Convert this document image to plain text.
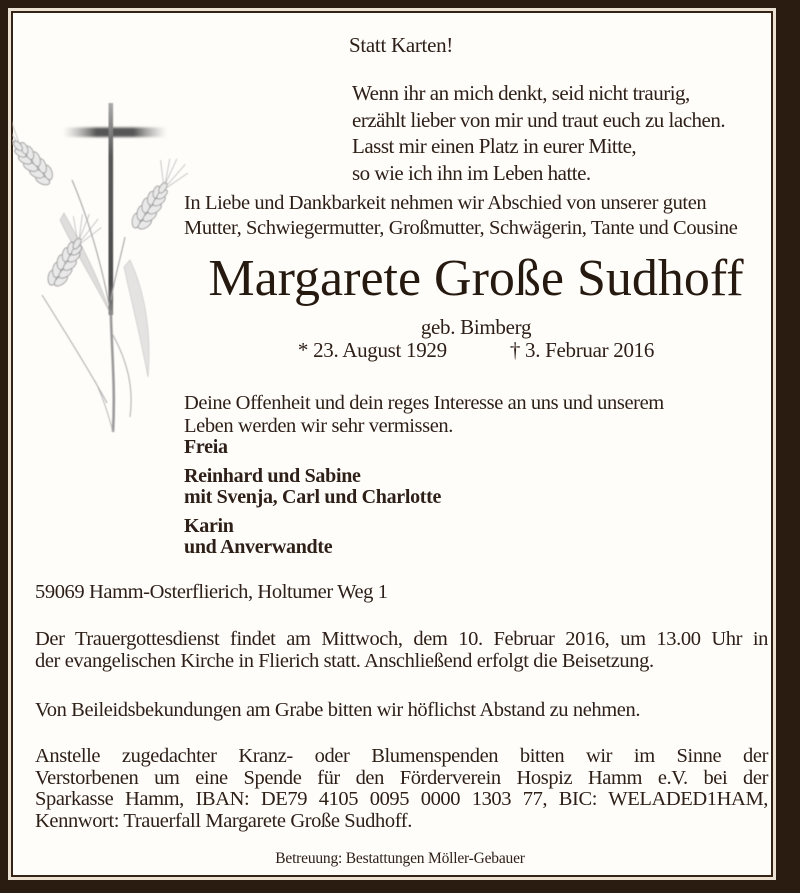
Statt Karten!
Wenn ihr an mich denkt, seid nicht traurig,
erzählt lieber von mir und traut euch zu lachen.
Lasst mir einen Platz in eurer Mitte,
so wie ich ihn im Leben hatte.
In Liebe und Dankbarkeit nehmen wir Abschied von unserer guten
Mutter, Schwiegermutter, Großmutter, Schwägerin, Tante und Cousine
Margarete Große Sudhoff
geb. Bimberg
* 23. August 1929	† 3. Februar 2016
Deine Offenheit und dein reges Interesse an uns und unserem
Leben werden wir sehr vermissen.
Freia
Reinhard und Sabine
mit Svenja, Carl und Charlotte
Karin
und Anverwandte
59069 Hamm-Osterflierich, Holtumer Weg 1
Der Trauergottesdienst findet am Mittwoch, dem 10. Februar 2016, um 13.00 Uhr in
der evangelischen Kirche in Flierich statt. Anschließend erfolgt die Beisetzung.
Von Beileidsbekundungen am Grabe bitten wir höflichst Abstand zu nehmen.
Anstelle zugedachter Kranz- oder Blumenspenden bitten wir im Sinne der
Verstorbenen um eine Spende für den Förderverein Hospiz Hamm e.V. bei der
Sparkasse Hamm, IBAN: DE79 4105 0095 0000 1303 77, BIC: WELADED1HAM,
Kennwort: Trauerfall Margarete Große Sudhoff.
Betreuung: Bestattungen Möller-Gebauer
